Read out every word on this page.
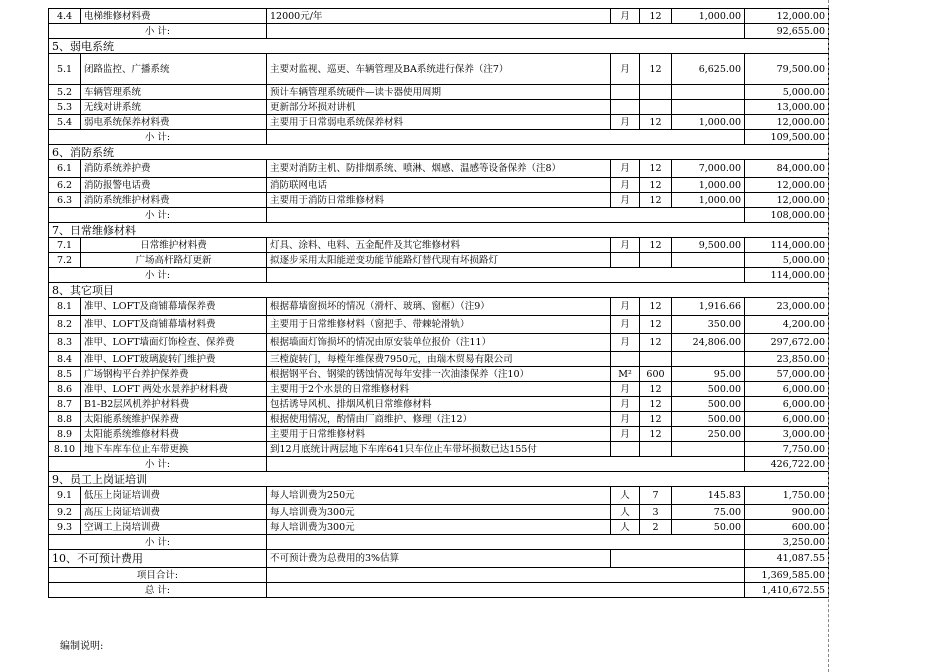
4.4	电梯维修材料费	12000元/年	月	12	1,000.00	12,000.00
小 计:						92,655.00
5、弱电系统						
5.1	闭路监控、广播系统	主要对监视、巡更、车辆管理及BA系统进行保养（注7）	月	12	6,625.00	79,500.00
5.2	车辆管理系统	预计车辆管理系统硬件—读卡器使用周期				5,000.00
5.3	无线对讲系统	更新部分坏损对讲机				13,000.00
5.4	弱电系统保养材料费	主要用于日常弱电系统保养材料	月	12	1,000.00	12,000.00
小 计:						109,500.00
6、消防系统						
6.1	消防系统养护费	主要对消防主机、防排烟系统、喷淋、烟感、温感等设备保养（注8）	月	12	7,000.00	84,000.00
6.2	消防报警电话费	消防联网电话	月	12	1,000.00	12,000.00
6.3	消防系统维护材料费	主要用于消防日常维修材料	月	12	1,000.00	12,000.00
小 计:						108,000.00
7、日常维修材料						
7.1	日常维护材料费	灯具、涂料、电料、五金配件及其它维修材料	月	12	9,500.00	114,000.00
7.2	广场高杆路灯更新	拟逐步采用太阳能逆变功能节能路灯替代现有坏损路灯				5,000.00
小 计:						114,000.00
8、其它项目						
8.1	准甲、LOFT及商铺幕墙保养费	根据幕墙窗损坏的情况（滑杆、玻璃、窗框）（注9）	月	12	1,916.66	23,000.00
8.2	准甲、LOFT及商铺幕墙材料费	主要用于日常维修材料（窗把手、带棘轮滑轨）	月	12	350.00	4,200.00
8.3	准甲、LOFT墙面灯饰检查、保养费	根据墙面灯饰损坏的情况由原安装单位报价（注11）	月	12	24,806.00	297,672.00
8.4	准甲、LOFT玻璃旋转门维护费	三樘旋转门，每樘年维保费7950元，由瑞木贸易有限公司				23,850.00
8.5	广场钢构平台养护保养费	根据钢平台、钢梁的锈蚀情况每年安排一次油漆保养（注10）	M²	600	95.00	57,000.00
8.6	准甲、LOFT 两处水景养护材料费	主要用于2个水景的日常维修材料	月	12	500.00	6,000.00
8.7	B1-B2层风机养护材料费	包括诱导风机、排烟风机日常维修材料	月	12	500.00	6,000.00
8.8	太阳能系统维护保养费	根据使用情况，酌情由厂商维护、修理（注12）	月	12	500.00	6,000.00
8.9	太阳能系统维修材料费	主要用于日常维修材料	月	12	250.00	3,000.00
8.10	地下车库车位止车带更换	到12月底统计两层地下车库641只车位止车带坏损数已达155付				7,750.00
小 计:						426,722.00
9、员工上岗证培训						
9.1	低压上岗证培训费	每人培训费为250元	人	7	145.83	1,750.00
9.2	高压上岗证培训费	每人培训费为300元	人	3	75.00	900.00
9.3	空调工上岗培训费	每人培训费为300元	人	2	50.00	600.00
小 计:						3,250.00
10、不可预计费用		不可预计费为总费用的3%估算				41,087.55
项目合计:						1,369,585.00
总 计:						1,410,672.55
编制说明:
